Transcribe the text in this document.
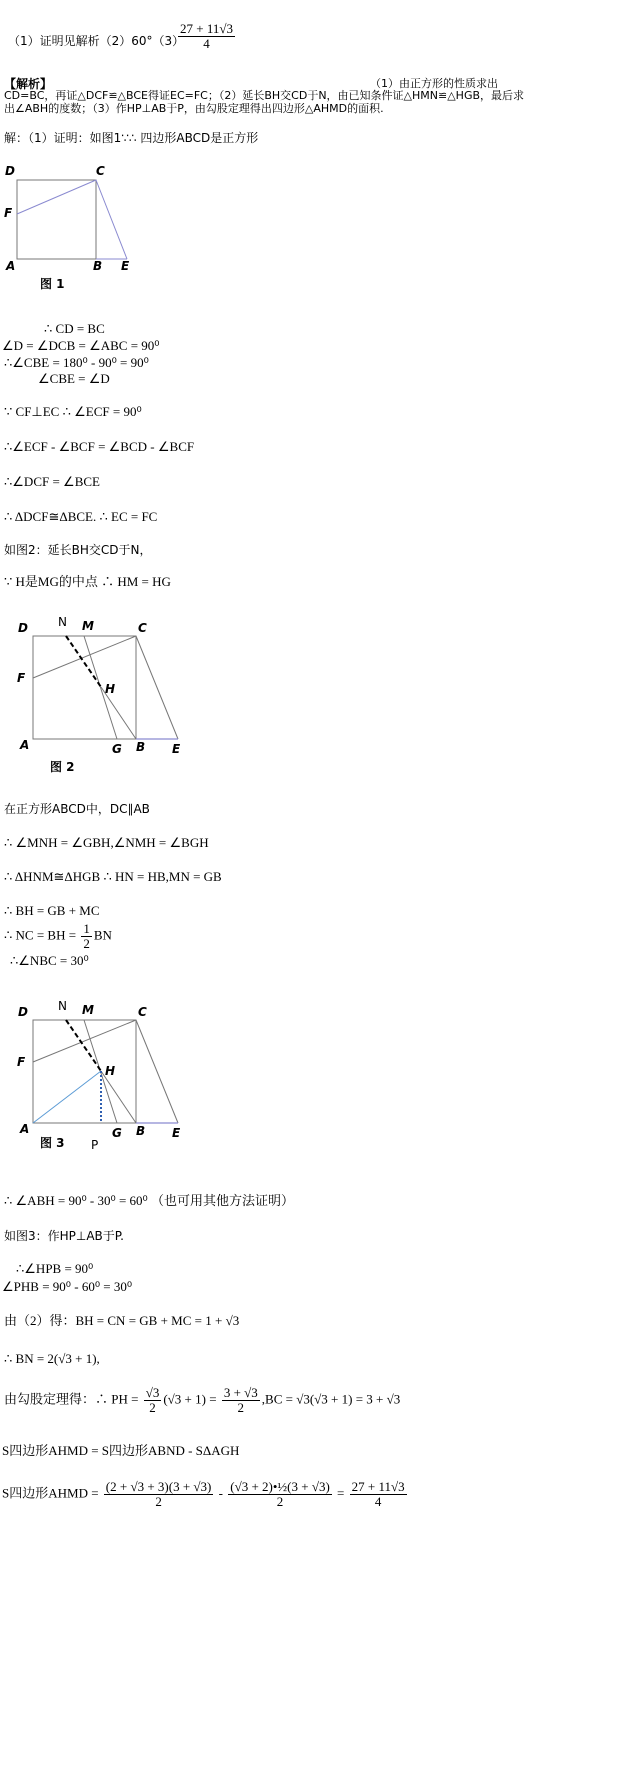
（1）证明见解析（2）60°（3）
$\frac{27 + 11√3}{4}$
【解析】	（1）由正方形的性质求出
CD=BC，再证△DCF≌△BCE得证EC=FC；（2）延长BH交CD于N，由已知条件证△HMN≌△HGB，最后求
出∠ABH的度数；（3）作HP⊥AB于P，由勾股定理得出四边形△AHMD的面积.
解：（1）证明：如图1∵∴ 四边形ABCD是正方形
D	C
F
A	B E
图 1
∴ CD = BC
∠D = ∠DCB = ∠ABC = 90⁰
∴∠CBE = 180⁰ - 90⁰ = 90⁰
∠CBE = ∠D
∵ CF⊥EC ∴ ∠ECF = 90⁰
∴∠ECF - ∠BCF = ∠BCD - ∠BCF
∴∠DCF = ∠BCE
∴ ΔDCF≅ΔBCE. ∴ EC = FC
如图2：延长BH交CD于N，
∵ H是MG的中点 ∴ HM = HG
D	N M	C
F
H
A	G B E
图 2
在正方形ABCD中，DC∥AB
∴ ∠MNH = ∠GBH,∠NMH = ∠BGH
∴ ΔHNM≅ΔHGB ∴ HN = HB,MN = GB
∴ BH = GB + MC
∴ NC = BH = $\frac{1}{2}$ BN
∴∠NBC = 30⁰
D	N M	C
F
H
A	G B E
图 3 P
∴ ∠ABH = 90⁰ - 30⁰ = 60⁰ （也可用其他方法证明）
如图3：作HP⊥AB于P.
∴∠HPB = 90⁰
∠PHB = 90⁰ - 60⁰ = 30⁰
由（2）得：BH = CN = GB + MC = 1 + √3
∴ BN = 2(√3 + 1),
由勾股定理得：∴ PH = $\frac{√3}{2} (√3 + 1) = \frac{3 + √3}{2} ,BC = √3(√3 + 1) = 3 + √3$
S四边形AHMD = S四边形ABND - SΔAGH
S四边形AHMD = $\frac{(2 + √3 + 3)(3 + √3)}{2} - \frac{\text{(√3 + 2)•½(3 + √3)}}{2} = \frac{27 + 11√3}{4}$
